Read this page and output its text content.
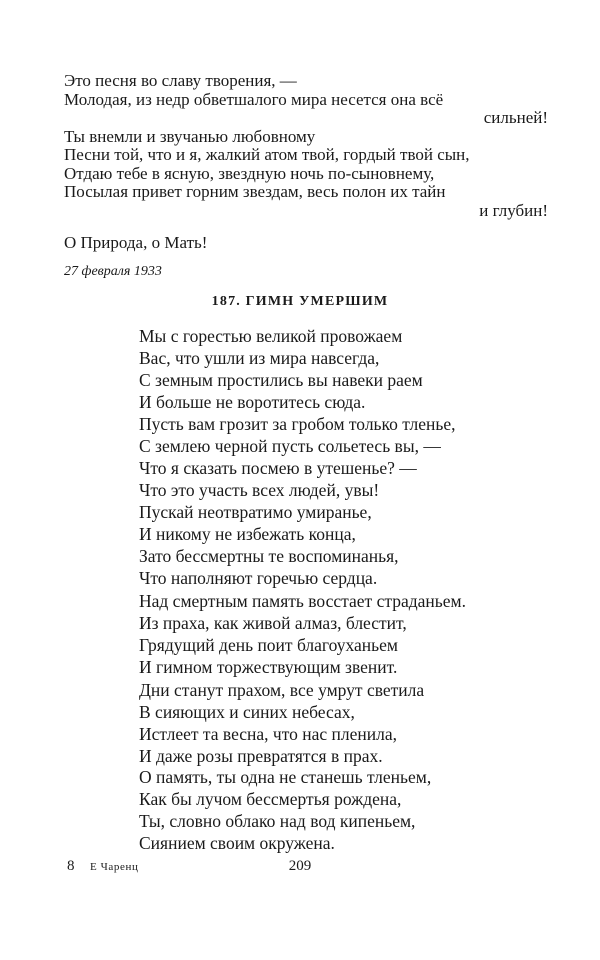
Это песня во славу творения, —
Молодая, из недр обветшалого мира несется она всё
сильней!
Ты внемли и звучанью любовному
Песни той, что и я, жалкий атом твой, гордый твой сын,
Отдаю тебе в ясную, звездную ночь по-сыновнему,
Посылая привет горним звездам, весь полон их тайн
и глубин!
О Природа, о Мать!
27 февраля 1933
187. ГИМН УМЕРШИМ
Мы с горестью великой провожаем
Вас, что ушли из мира навсегда,
С земным простились вы навеки раем
И больше не воротитесь сюда.
Пусть вам грозит за гробом только тленье,
С землею черной пусть сольетесь вы, —
Что я сказать посмею в утешенье? —
Что это участь всех людей, увы!
Пускай неотвратимо умиранье,
И никому не избежать конца,
Зато бессмертны те воспоминанья,
Что наполняют горечью сердца.
Над смертным память восстает страданьем.
Из праха, как живой алмаз, блестит,
Грядущий день поит благоуханьем
И гимном торжествующим звенит.
Дни станут прахом, все умрут светила
В сияющих и синих небесах,
Истлеет та весна, что нас пленила,
И даже розы превратятся в прах.
О память, ты одна не станешь тленьем,
Как бы лучом бессмертья рождена,
Ты, словно облако над вод кипеньем,
Сиянием своим окружена.
8 Е Чаренц	209
